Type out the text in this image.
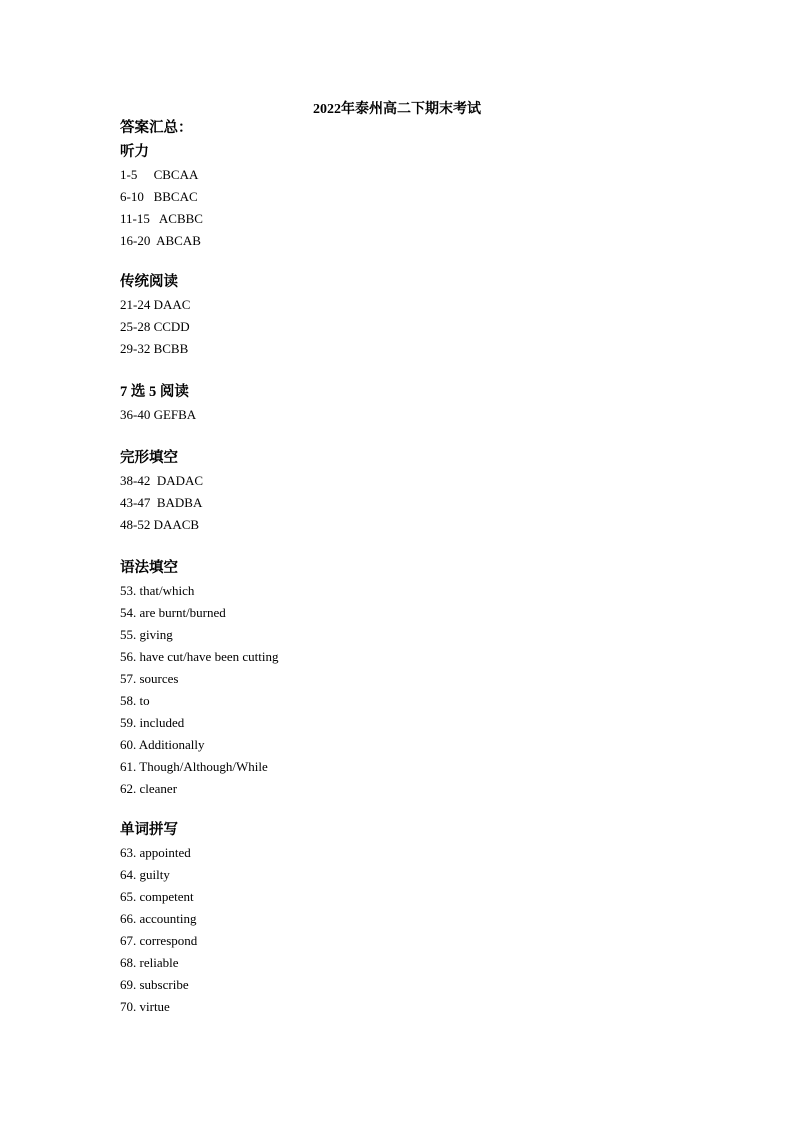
2022年泰州高二下期末考试
答案汇总：
听力
1-5     CBCAA
6-10   BBCAC
11-15   ACBBC
16-20  ABCAB
传统阅读
21-24 DAAC
25-28 CCDD
29-32 BCBB
7 选 5 阅读
36-40 GEFBA
完形填空
38-42  DADAC
43-47  BADBA
48-52 DAACB
语法填空
53. that/which
54. are burnt/burned
55. giving
56. have cut/have been cutting
57. sources
58. to
59. included
60. Additionally
61. Though/Although/While
62. cleaner
单词拼写
63. appointed
64. guilty
65. competent
66. accounting
67. correspond
68. reliable
69. subscribe
70. virtue
